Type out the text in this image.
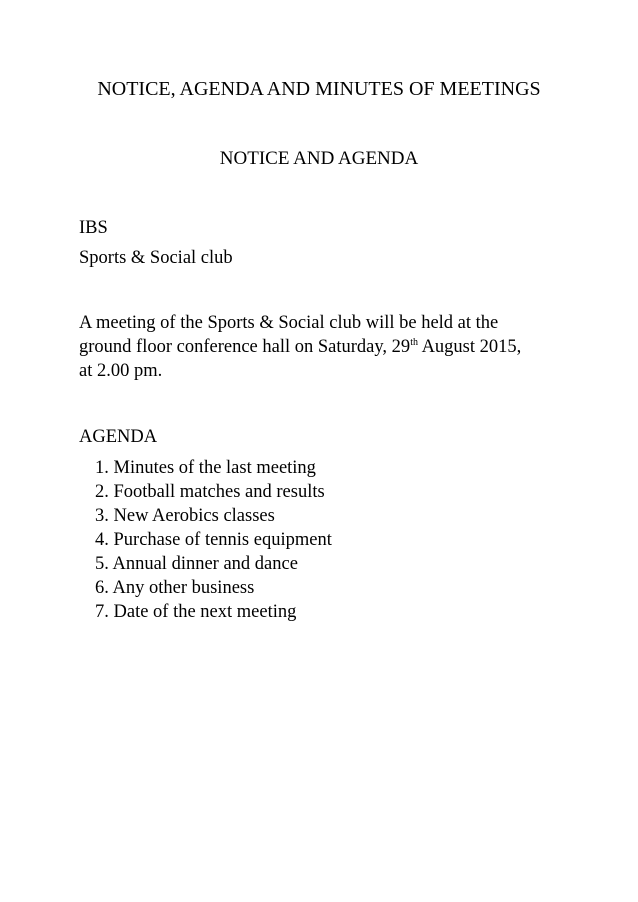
NOTICE, AGENDA AND MINUTES OF MEETINGS
NOTICE AND AGENDA

IBS

Sports & Social club

A meeting of the Sports & Social club will be held at the
ground floor conference hall on Saturday, 29th August 2015,
at 2.00 pm.

AGENDA

1. Minutes of the last meeting
2. Football matches and results
3. New Aerobics classes
4. Purchase of tennis equipment
5. Annual dinner and dance
6. Any other business
7. Date of the next meeting
